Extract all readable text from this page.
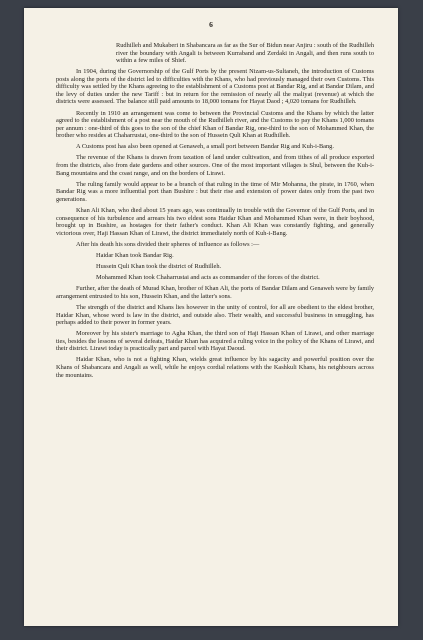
6

Rudhilleh and Mukaberi in Shabancara as far as the Sur of Bidun near Anjiru : south of the Rudhilleh river the boundary with Angali is between Kurraband and Zerdaki in Angali, and then runs south to within a few miles of Shief.

In 1904, during the Governorship of the Gulf Ports by the present Nizam-us-Sultaneh, the introduction of Customs posts along the ports of the district led to difficulties with the Khans, who had previously managed their own Customs. This difficulty was settled by the Khans agreeing to the establishment of a Customs post at Bandar Rig, and at Bandar Dilam, and the levy of duties under the new Tariff : but in return for the remission of nearly all the maliyat (revenue) at which the districts were assessed. The balance still paid amounts to 18,000 tomans for Hayat Daod ; 4,020 tomans for Rudhilleh.

Recently in 1910 an arrangement was come to between the Provincial Customs and the Khans by which the latter agreed to the establishment of a post near the mouth of the Rudhilleh river, and the Customs to pay the Khans 1,000 tomans per annum : one-third of this goes to the son of the chief Khan of Bandar Rig, one-third to the son of Mohammed Khan, the brother who resides at Chaharrustai, one-third to the son of Hussein Quli Khan at Rudhilleh.

A Customs post has also been opened at Genaweh, a small port between Bandar Rig and Kuh-i-Bang.

The revenue of the Khans is drawn from taxation of land under cultivation, and from tithes of all produce exported from the districts, also from date gardens and other sources. One of the most important villages is Shul, between the Kuh-i-Bang mountains and the coast range, and on the borders of Lirawi.

The ruling family would appear to be a branch of that ruling in the time of Mir Mohanna, the pirate, in 1760, when Bandar Rig was a more influential port than Bushire : but their rise and extension of power dates only from the past two generations.

Khan Ali Khan, who died about 15 years ago, was continually in trouble with the Governor of the Gulf Ports, and in consequence of his turbulence and arrears his two eldest sons Haidar Khan and Mohammed Khan were, in their boyhood, brought up in Bushire, as hostages for their father's conduct. Khan Ali Khan was constantly fighting, and generally victorious over, Haji Hassan Khan of Lirawi, the district immediately north of Kuh-i-Bang.

After his death his sons divided their spheres of influence as follows :—

Haidar Khan took Bandar Rig.

Hussein Quli Khan took the district of Rudhilleh.

Mohammed Khan took Chaharrustai and acts as commander of the forces of the district.

Further, after the death of Murad Khan, brother of Khan Ali, the ports of Bandar Dilam and Genaweh were by family arrangement entrusted to his son, Hussein Khan, and the latter's sons.

The strength of the district and Khans lies however in the unity of control, for all are obedient to the eldest brother, Haidar Khan, whose word is law in the district, and outside also. Their wealth, and successful business in smuggling, has perhaps added to their power in former years.

Moreover by his sister's marriage to Agha Khan, the third son of Haji Hassan Khan of Lirawi, and other marriage ties, besides the lessons of several defeats, Haidar Khan has acquired a ruling voice in the policy of the Khans of Lirawi, and their district. Lirawi today is practically part and parcel with Hayat Daoud.

Haidar Khan, who is not a fighting Khan, wields great influence by his sagacity and powerful position over the Khans of Shabancara and Angali as well, while he enjoys cordial relations with the Kashkuli Khans, his neighbours across the mountains.
